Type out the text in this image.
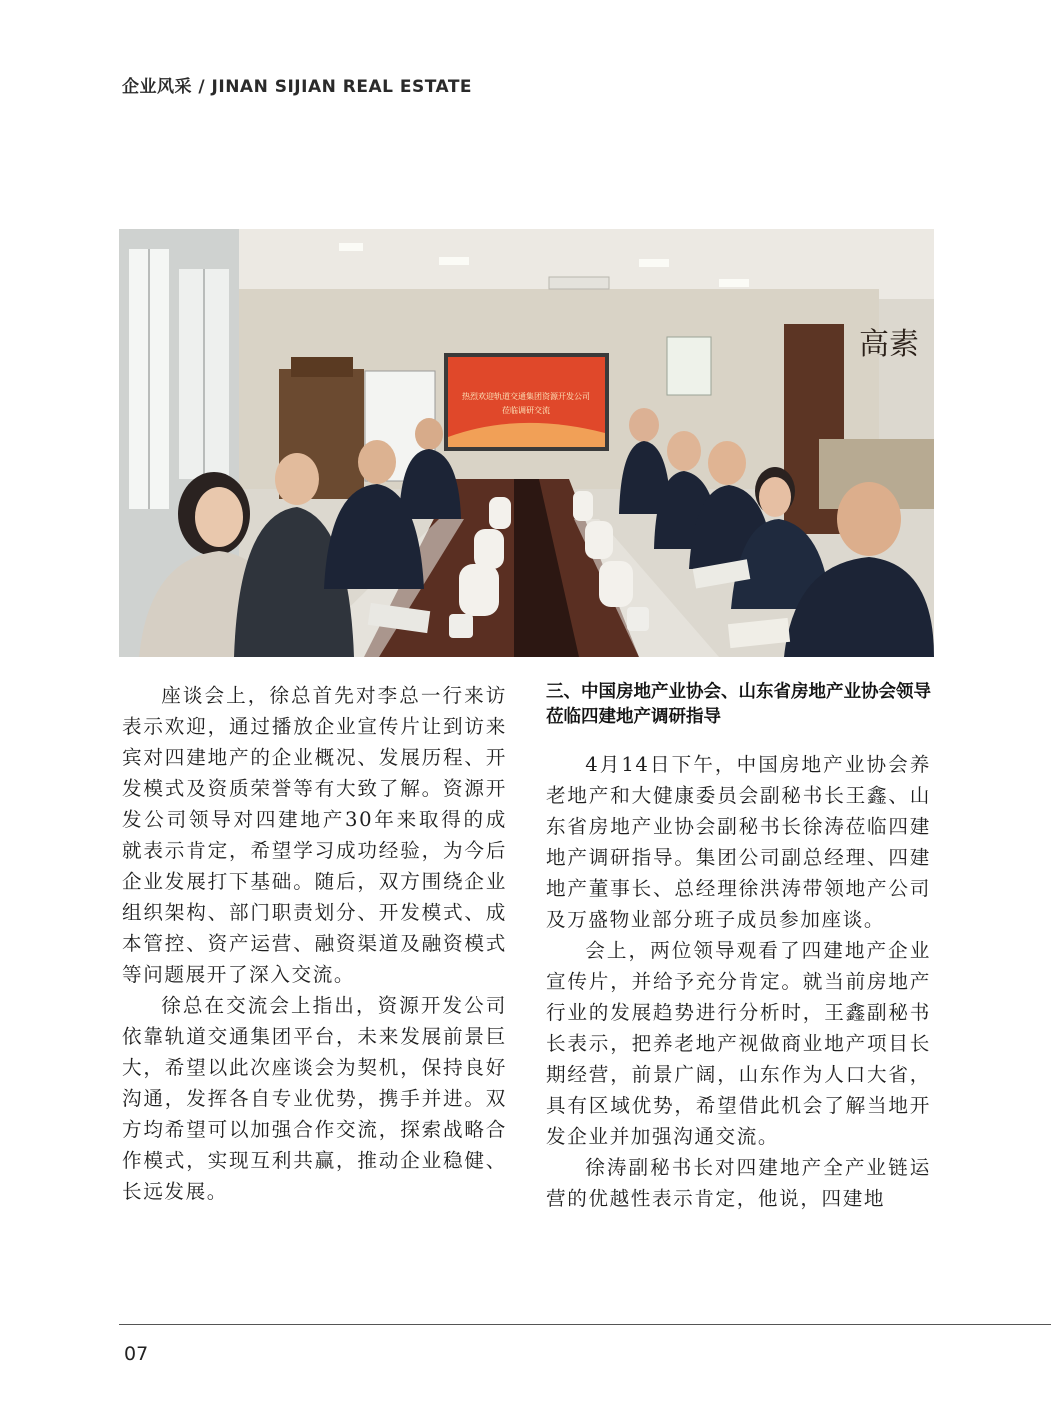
企业风采 / JINAN SIJIAN REAL ESTATE
热烈欢迎轨道交通集团资源开发公司
莅临调研交流
高素

座谈会上，徐总首先对李总一行来访表示欢迎，通过播放企业宣传片让到访来宾对四建地产的企业概况、发展历程、开发模式及资质荣誉等有大致了解。资源开发公司领导对四建地产30年来取得的成就表示肯定，希望学习成功经验，为今后企业发展打下基础。随后，双方围绕企业组织架构、部门职责划分、开发模式、成本管控、资产运营、融资渠道及融资模式等问题展开了深入交流。

徐总在交流会上指出，资源开发公司依靠轨道交通集团平台，未来发展前景巨大，希望以此次座谈会为契机，保持良好沟通，发挥各自专业优势，携手并进。双方均希望可以加强合作交流，探索战略合作模式，实现互利共赢，推动企业稳健、长远发展。

三、中国房地产业协会、山东省房地产业协会领导莅临四建地产调研指导

4月14日下午，中国房地产业协会养老地产和大健康委员会副秘书长王鑫、山东省房地产业协会副秘书长徐涛莅临四建地产调研指导。集团公司副总经理、四建地产董事长、总经理徐洪涛带领地产公司及万盛物业部分班子成员参加座谈。

会上，两位领导观看了四建地产企业宣传片，并给予充分肯定。就当前房地产行业的发展趋势进行分析时，王鑫副秘书长表示，把养老地产视做商业地产项目长期经营，前景广阔，山东作为人口大省，具有区域优势，希望借此机会了解当地开发企业并加强沟通交流。

徐涛副秘书长对四建地产全产业链运营的优越性表示肯定，他说，四建地

07
